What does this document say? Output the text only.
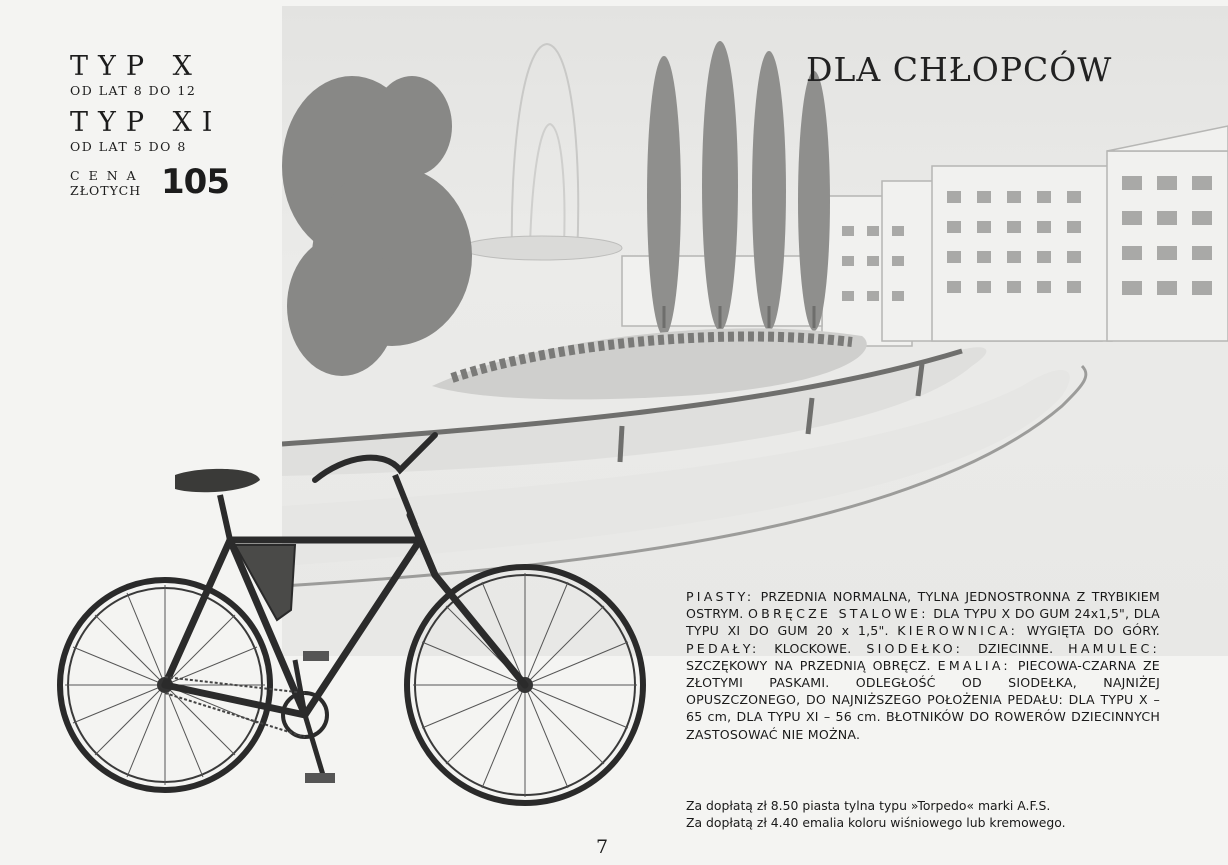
TYP X
OD LAT 8 DO 12
TYP XI
OD LAT 5 DO 8
CENA
ZŁOTYCH 105
DLA CHŁOPCÓW

PIASTY: PRZEDNIA NORMALNA, TYLNA JEDNOSTRONNA Z TRYBIKIEM OSTRYM. OBRĘCZE STALOWE: DLA TYPU X DO GUM 24x1,5", DLA TYPU XI DO GUM 20 x 1,5". KIEROWNICA: WYGIĘTA DO GÓRY. PEDAŁY: KLOCKOWE. SIODEŁKO: DZIECINNE. HAMULEC: SZCZĘKOWY NA PRZEDNIĄ OBRĘCZ. EMALIA: PIECOWA-CZARNA ZE ZŁOTYMI PASKAMI. ODLEGŁOŚĆ OD SIODEŁKA, NAJNIŻEJ OPUSZCZONEGO, DO NAJNIŻSZEGO POŁOŻENIA PEDAŁU: DLA TYPU X – 65 cm, DLA TYPU XI – 56 cm. BŁOTNIKÓW DO ROWERÓW DZIECINNYCH ZASTOSOWAĆ NIE MOŻNA.

Za dopłatą zł 8.50 piasta tylna typu »Torpedo« marki A.F.S.

Za dopłatą zł 4.40 emalia koloru wiśniowego lub kremowego.

7
